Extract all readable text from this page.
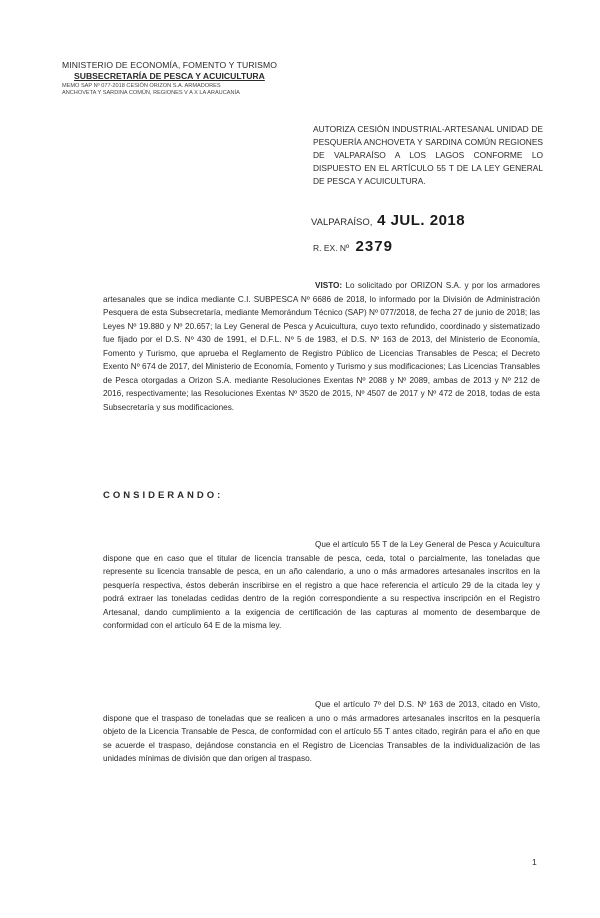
MINISTERIO DE ECONOMÍA, FOMENTO Y TURISMO
SUBSECRETARÍA DE PESCA Y ACUICULTURA
MEMO SAP Nº 077-2018 CESIÓN ORIZON S.A. ARMADORES
ANCHOVETA Y SARDINA COMÚN, REGIONES V A X LA ARAUCANÍA
AUTORIZA CESIÓN INDUSTRIAL-ARTESANAL UNIDAD DE PESQUERÍA ANCHOVETA Y SARDINA COMÚN REGIONES DE VALPARAÍSO A LOS LAGOS CONFORME LO DISPUESTO EN EL ARTÍCULO 55 T DE LA LEY GENERAL DE PESCA Y ACUICULTURA.
VALPARAÍSO, 4 JUL. 2018
R. EX. Nº 2379
VISTO: Lo solicitado por ORIZON S.A. y por los armadores artesanales que se indica mediante C.I. SUBPESCA Nº 6686 de 2018, lo informado por la División de Administración Pesquera de esta Subsecretaría, mediante Memorándum Técnico (SAP) Nº 077/2018, de fecha 27 de junio de 2018; las Leyes Nº 19.880 y Nº 20.657; la Ley General de Pesca y Acuicultura, cuyo texto refundido, coordinado y sistematizado fue fijado por el D.S. Nº 430 de 1991, el D.F.L. Nº 5 de 1983, el D.S. Nº 163 de 2013, del Ministerio de Economía, Fomento y Turismo, que aprueba el Reglamento de Registro Público de Licencias Transables de Pesca; el Decreto Exento Nº 674 de 2017, del Ministerio de Economía, Fomento y Turismo y sus modificaciones; Las Licencias Transables de Pesca otorgadas a Orizon S.A. mediante Resoluciones Exentas Nº 2088 y Nº 2089, ambas de 2013 y Nº 212 de 2016, respectivamente; las Resoluciones Exentas Nº 3520 de 2015, Nº 4507 de 2017 y Nº 472 de 2018, todas de esta Subsecretaría y sus modificaciones.
CONSIDERANDO:
Que el artículo 55 T de la Ley General de Pesca y Acuicultura dispone que en caso que el titular de licencia transable de pesca, ceda, total o parcialmente, las toneladas que represente su licencia transable de pesca, en un año calendario, a uno o más armadores artesanales inscritos en la pesquería respectiva, éstos deberán inscribirse en el registro a que hace referencia el artículo 29 de la citada ley y podrá extraer las toneladas cedidas dentro de la región correspondiente a su respectiva inscripción en el Registro Artesanal, dando cumplimiento a la exigencia de certificación de las capturas al momento de desembarque de conformidad con el artículo 64 E de la misma ley.
Que el artículo 7º del D.S. Nº 163 de 2013, citado en Visto, dispone que el traspaso de toneladas que se realicen a uno o más armadores artesanales inscritos en la pesquería objeto de la Licencia Transable de Pesca, de conformidad con el artículo 55 T antes citado, regirán para el año en que se acuerde el traspaso, dejándose constancia en el Registro de Licencias Transables de la individualización de las unidades mínimas de división que dan origen al traspaso.
1
